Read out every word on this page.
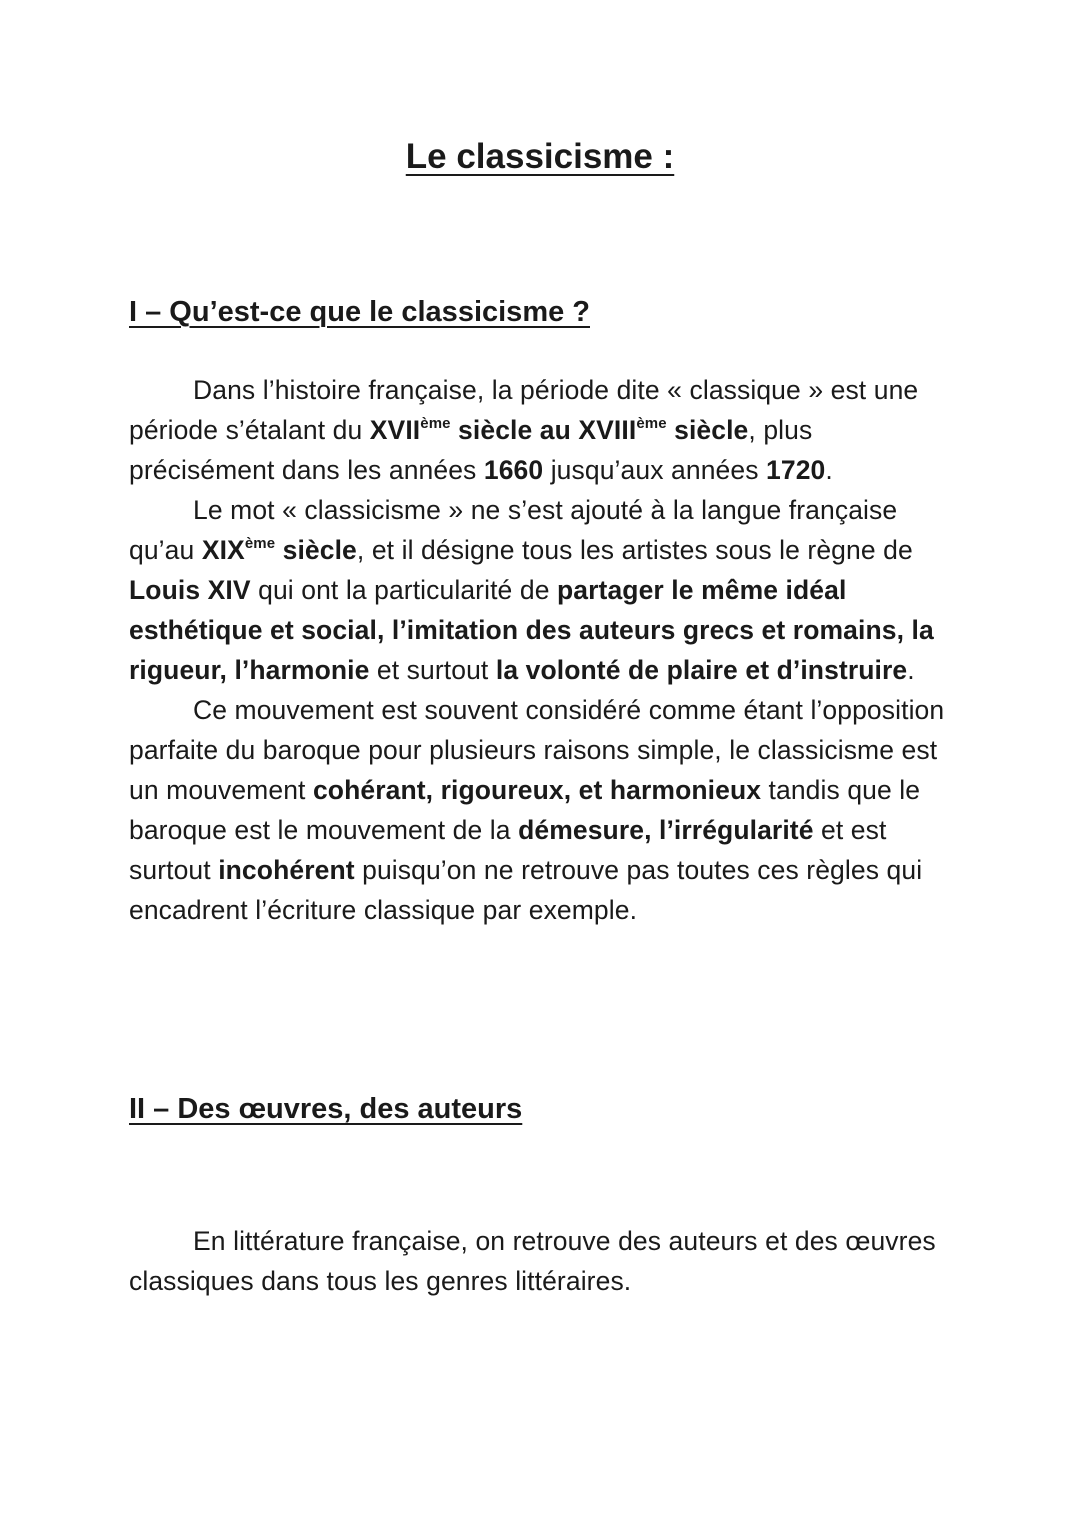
Le classicisme :
I – Qu’est-ce que le classicisme ?

Dans l’histoire française, la période dite « classique » est une période s’étalant du XVIIème siècle au XVIIIème siècle, plus précisément dans les années 1660 jusqu’aux années 1720.

Le mot « classicisme » ne s’est ajouté à la langue française qu’au XIXème siècle, et il désigne tous les artistes sous le règne de Louis XIV qui ont la particularité de partager le même idéal esthétique et social, l’imitation des auteurs grecs et romains, la rigueur, l’harmonie et surtout la volonté de plaire et d’instruire.

Ce mouvement est souvent considéré comme étant l’opposition parfaite du baroque pour plusieurs raisons simple, le classicisme est un mouvement cohérant, rigoureux, et harmonieux tandis que le baroque est le mouvement de la démesure, l’irrégularité et est surtout incohérent puisqu’on ne retrouve pas toutes ces règles qui encadrent l’écriture classique par exemple.

II – Des œuvres, des auteurs

En littérature française, on retrouve des auteurs et des œuvres classiques dans tous les genres littéraires.
